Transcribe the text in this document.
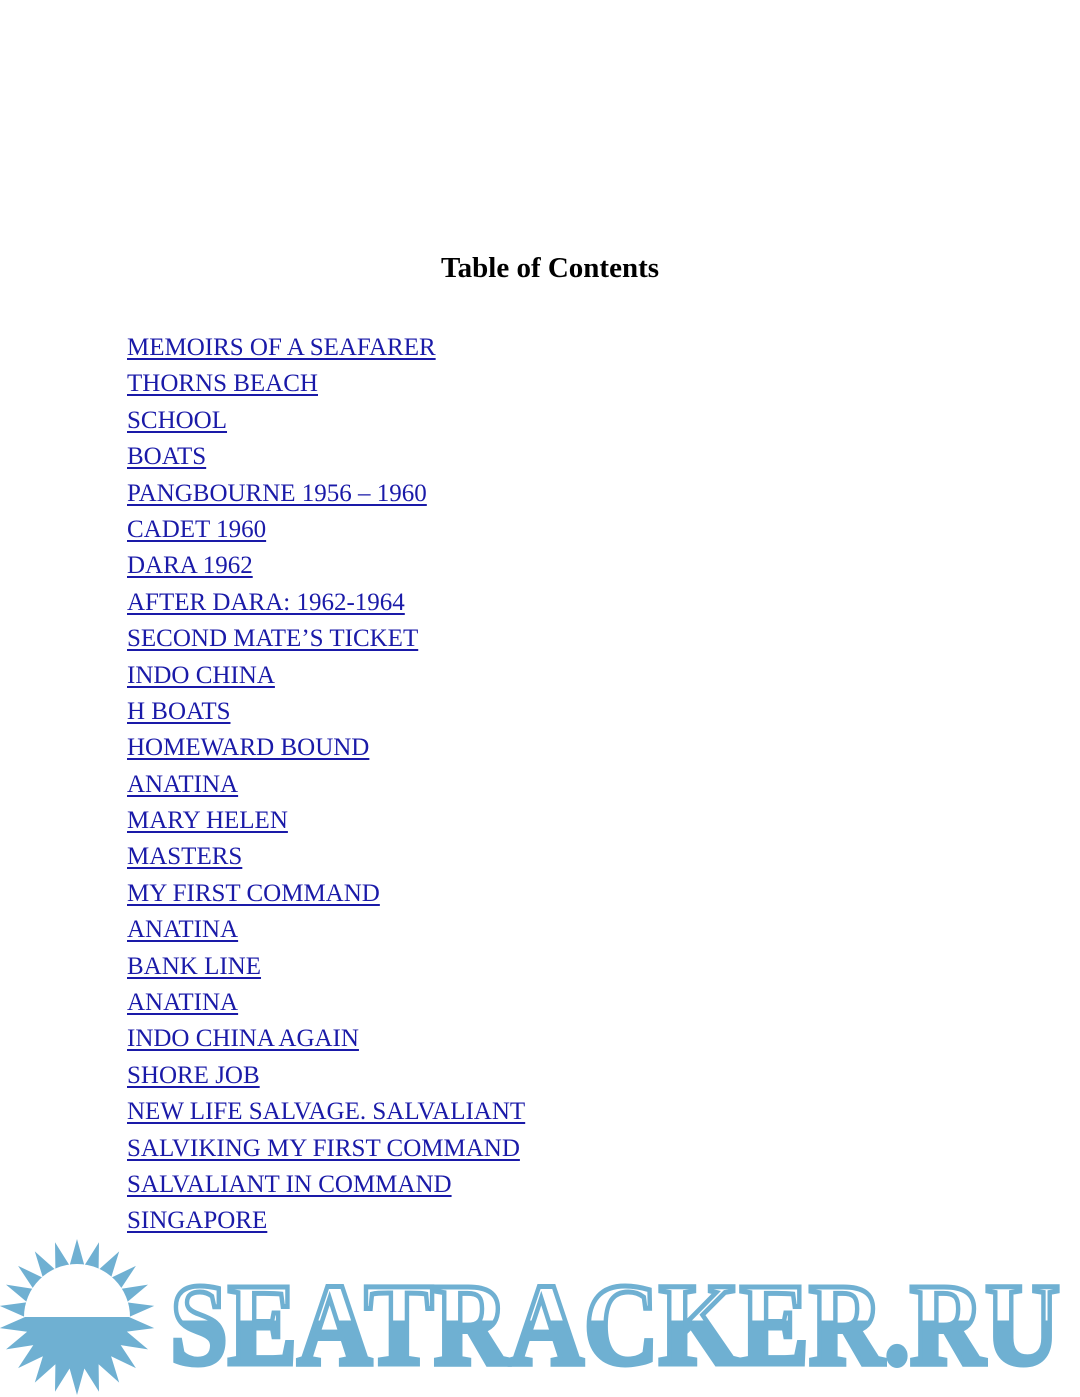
Table of Contents
MEMOIRS OF A SEAFARER
THORNS BEACH
SCHOOL
BOATS
PANGBOURNE 1956 – 1960
CADET 1960
DARA 1962
AFTER DARA: 1962-1964
SECOND MATE’S TICKET
INDO CHINA
H BOATS
HOMEWARD BOUND
ANATINA
MARY HELEN
MASTERS
MY FIRST COMMAND
ANATINA
BANK LINE
ANATINA
INDO CHINA AGAIN
SHORE JOB
NEW LIFE SALVAGE. SALVALIANT
SALVIKING MY FIRST COMMAND
SALVALIANT IN COMMAND
SINGAPORE
SEATRACKER.RU
